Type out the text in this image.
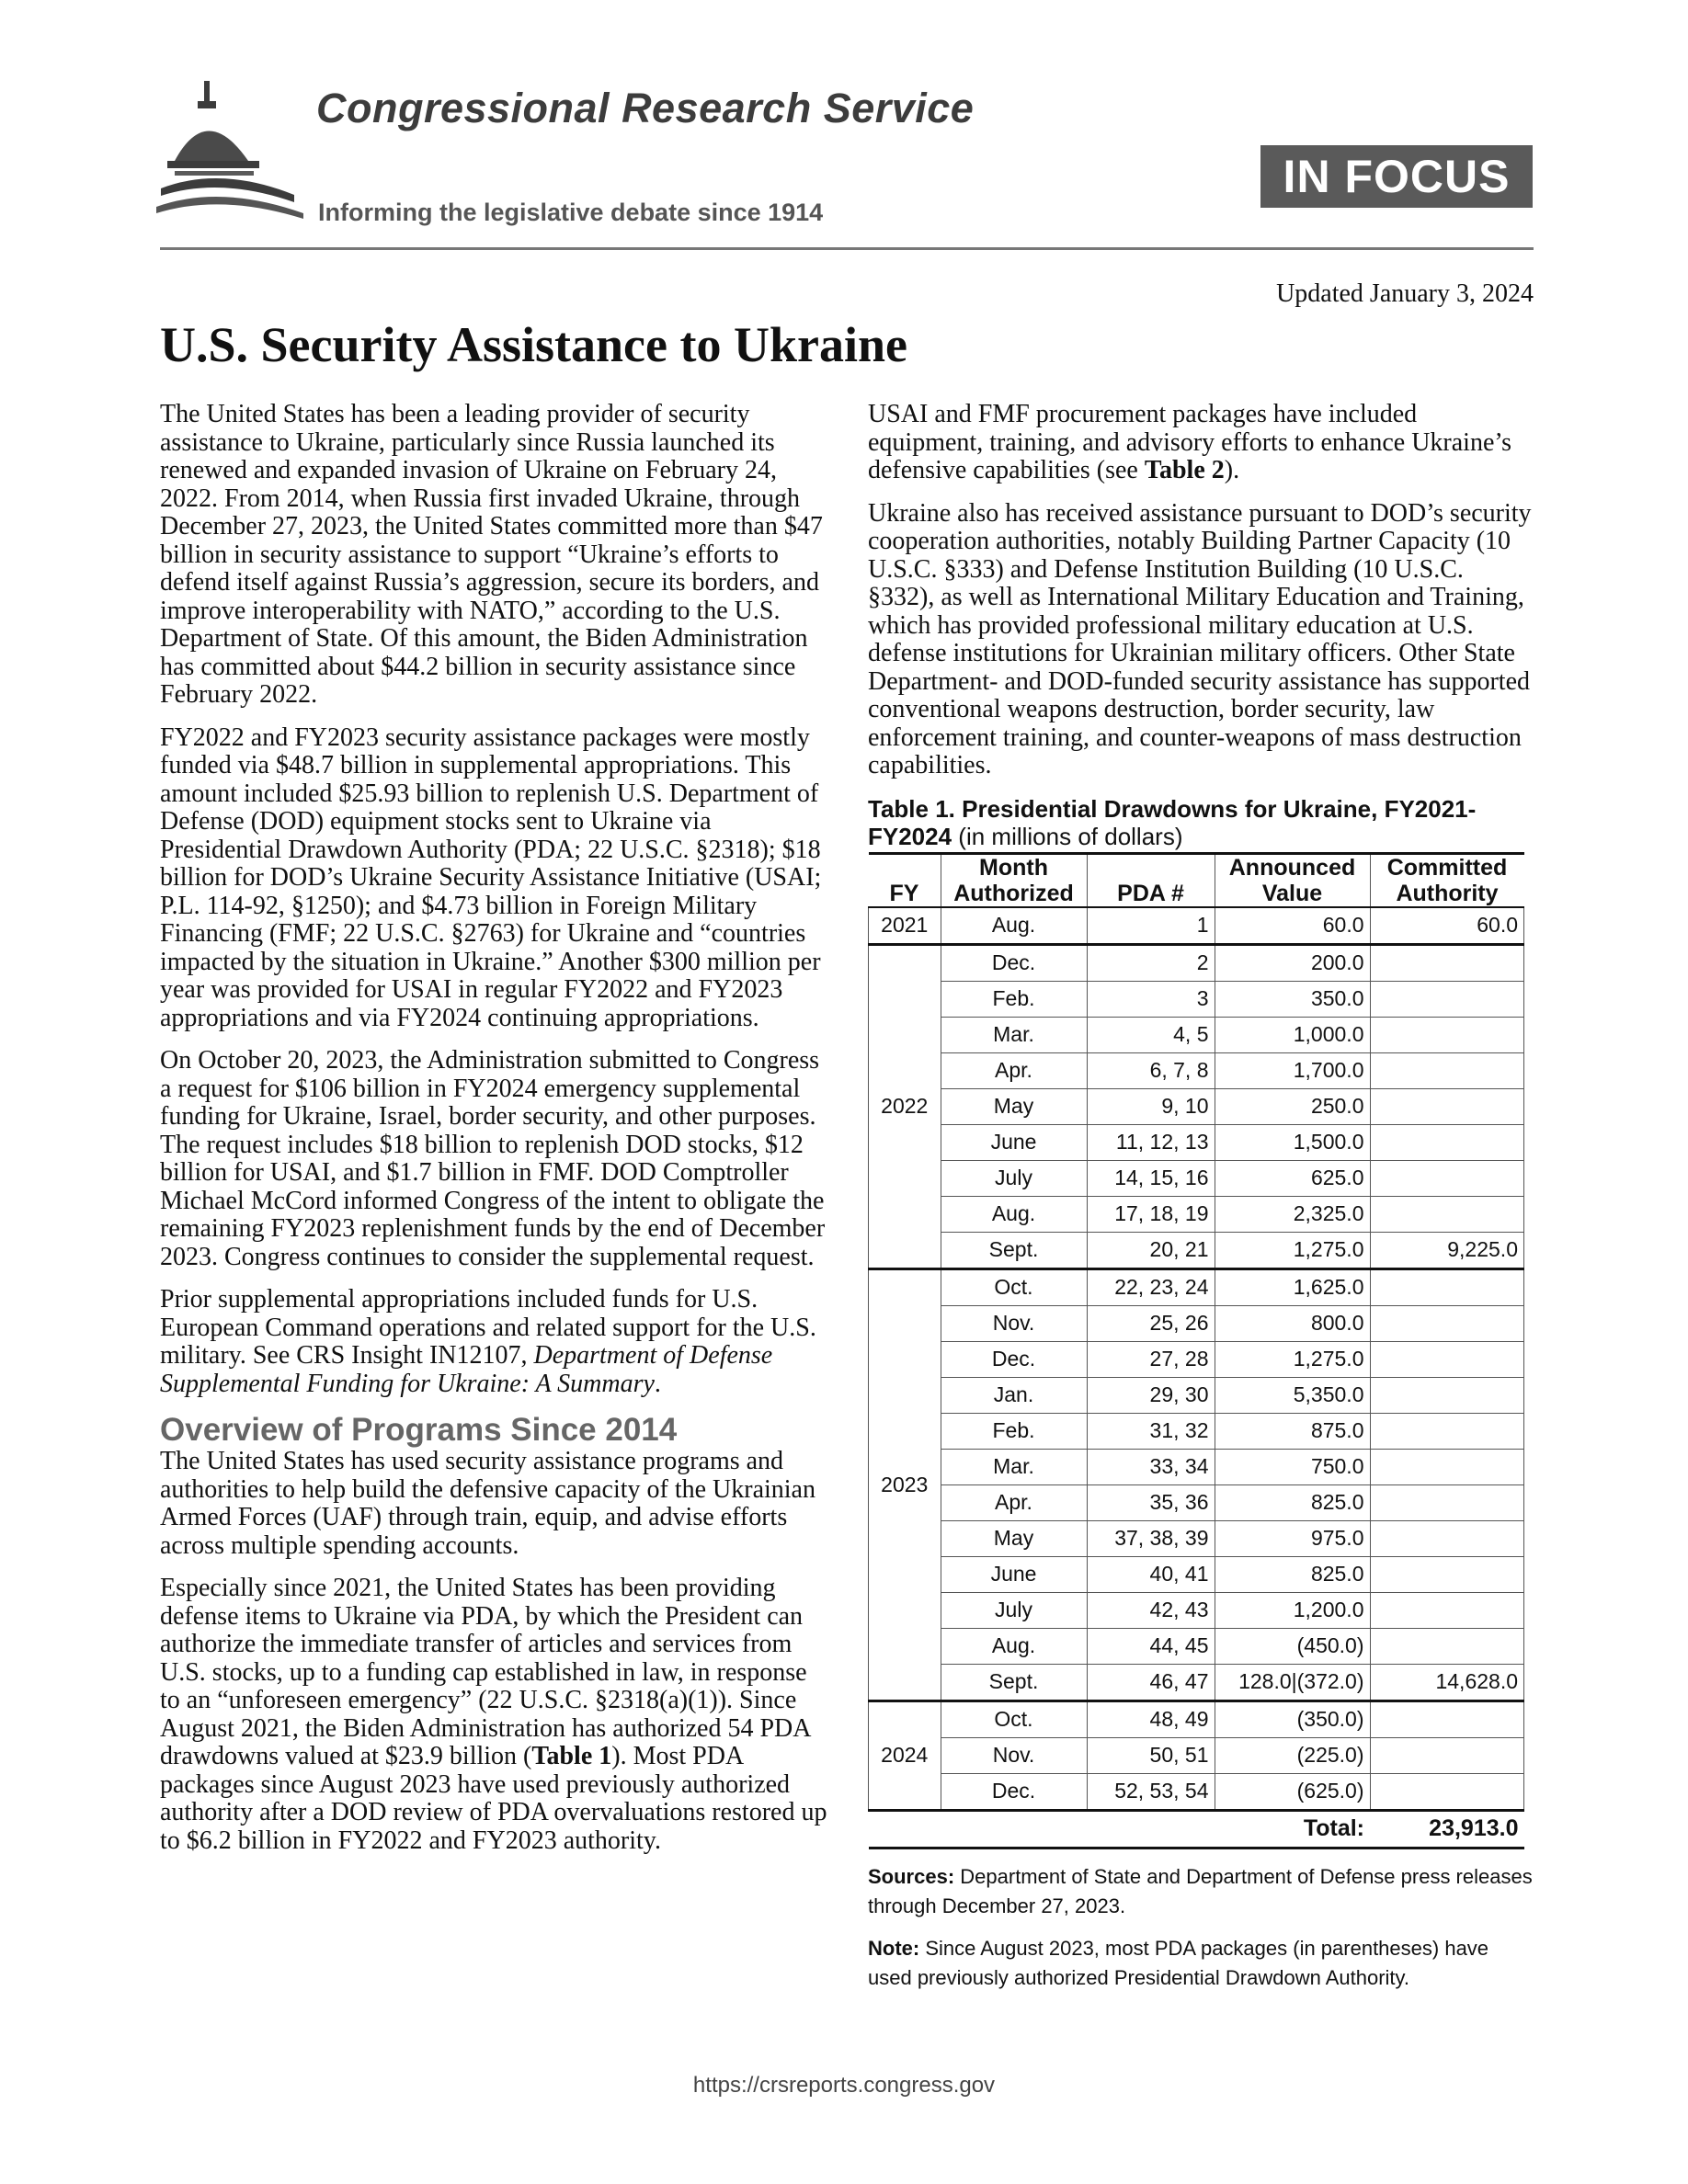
Congressional Research Service
Informing the legislative debate since 1914
IN FOCUS
Updated January 3, 2024
U.S. Security Assistance to Ukraine

The United States has been a leading provider of security assistance to Ukraine, particularly since Russia launched its renewed and expanded invasion of Ukraine on February 24, 2022. From 2014, when Russia first invaded Ukraine, through December 27, 2023, the United States committed more than $47 billion in security assistance to support “Ukraine’s efforts to defend itself against Russia’s aggression, secure its borders, and improve interoperability with NATO,” according to the U.S. Department of State. Of this amount, the Biden Administration has committed about $44.2 billion in security assistance since February 2022.

FY2022 and FY2023 security assistance packages were mostly funded via $48.7 billion in supplemental appropriations. This amount included $25.93 billion to replenish U.S. Department of Defense (DOD) equipment stocks sent to Ukraine via Presidential Drawdown Authority (PDA; 22 U.S.C. §2318); $18 billion for DOD’s Ukraine Security Assistance Initiative (USAI; P.L. 114-92, §1250); and $4.73 billion in Foreign Military Financing (FMF; 22 U.S.C. §2763) for Ukraine and “countries impacted by the situation in Ukraine.” Another $300 million per year was provided for USAI in regular FY2022 and FY2023 appropriations and via FY2024 continuing appropriations.

On October 20, 2023, the Administration submitted to Congress a request for $106 billion in FY2024 emergency supplemental funding for Ukraine, Israel, border security, and other purposes. The request includes $18 billion to replenish DOD stocks, $12 billion for USAI, and $1.7 billion in FMF. DOD Comptroller Michael McCord informed Congress of the intent to obligate the remaining FY2023 replenishment funds by the end of December 2023. Congress continues to consider the supplemental request.

Prior supplemental appropriations included funds for U.S. European Command operations and related support for the U.S. military. See CRS Insight IN12107, Department of Defense Supplemental Funding for Ukraine: A Summary.

Overview of Programs Since 2014

The United States has used security assistance programs and authorities to help build the defensive capacity of the Ukrainian Armed Forces (UAF) through train, equip, and advise efforts across multiple spending accounts.

Especially since 2021, the United States has been providing defense items to Ukraine via PDA, by which the President can authorize the immediate transfer of articles and services from U.S. stocks, up to a funding cap established in law, in response to an “unforeseen emergency” (22 U.S.C. §2318(a)(1)). Since August 2021, the Biden Administration has authorized 54 PDA drawdowns valued at $23.9 billion (Table 1). Most PDA packages since August 2023 have used previously authorized authority after a DOD review of PDA overvaluations restored up to $6.2 billion in FY2022 and FY2023 authority.

USAI and FMF procurement packages have included equipment, training, and advisory efforts to enhance Ukraine’s defensive capabilities (see Table 2).

Ukraine also has received assistance pursuant to DOD’s security cooperation authorities, notably Building Partner Capacity (10 U.S.C. §333) and Defense Institution Building (10 U.S.C. §332), as well as International Military Education and Training, which has provided professional military education at U.S. defense institutions for Ukrainian military officers. Other State Department- and DOD-funded security assistance has supported conventional weapons destruction, border security, law enforcement training, and counter-weapons of mass destruction capabilities.

Table 1. Presidential Drawdowns for Ukraine, FY2021-FY2024 (in millions of dollars)
FY	Month Authorized	PDA #	Announced Value	Committed Authority
2021	Aug.	1	60.0	60.0
2022	Dec.	2	200.0	
	Feb.	3	350.0	
	Mar.	4, 5	1,000.0	
	Apr.	6, 7, 8	1,700.0	
	May	9, 10	250.0	
	June	11, 12, 13	1,500.0	
	July	14, 15, 16	625.0	
	Aug.	17, 18, 19	2,325.0	
	Sept.	20, 21	1,275.0	9,225.0
2023	Oct.	22, 23, 24	1,625.0	
	Nov.	25, 26	800.0	
	Dec.	27, 28	1,275.0	
	Jan.	29, 30	5,350.0	
	Feb.	31, 32	875.0	
	Mar.	33, 34	750.0	
	Apr.	35, 36	825.0	
	May	37, 38, 39	975.0	
	June	40, 41	825.0	
	July	42, 43	1,200.0	
	Aug.	44, 45	(450.0)	
	Sept.	46, 47	128.0|(372.0)	14,628.0
2024	Oct.	48, 49	(350.0)	
	Nov.	50, 51	(225.0)	
	Dec.	52, 53, 54	(625.0)	
			Total:	23,913.0

Sources: Department of State and Department of Defense press releases through December 27, 2023.

Note: Since August 2023, most PDA packages (in parentheses) have used previously authorized Presidential Drawdown Authority.

https://crsreports.congress.gov
